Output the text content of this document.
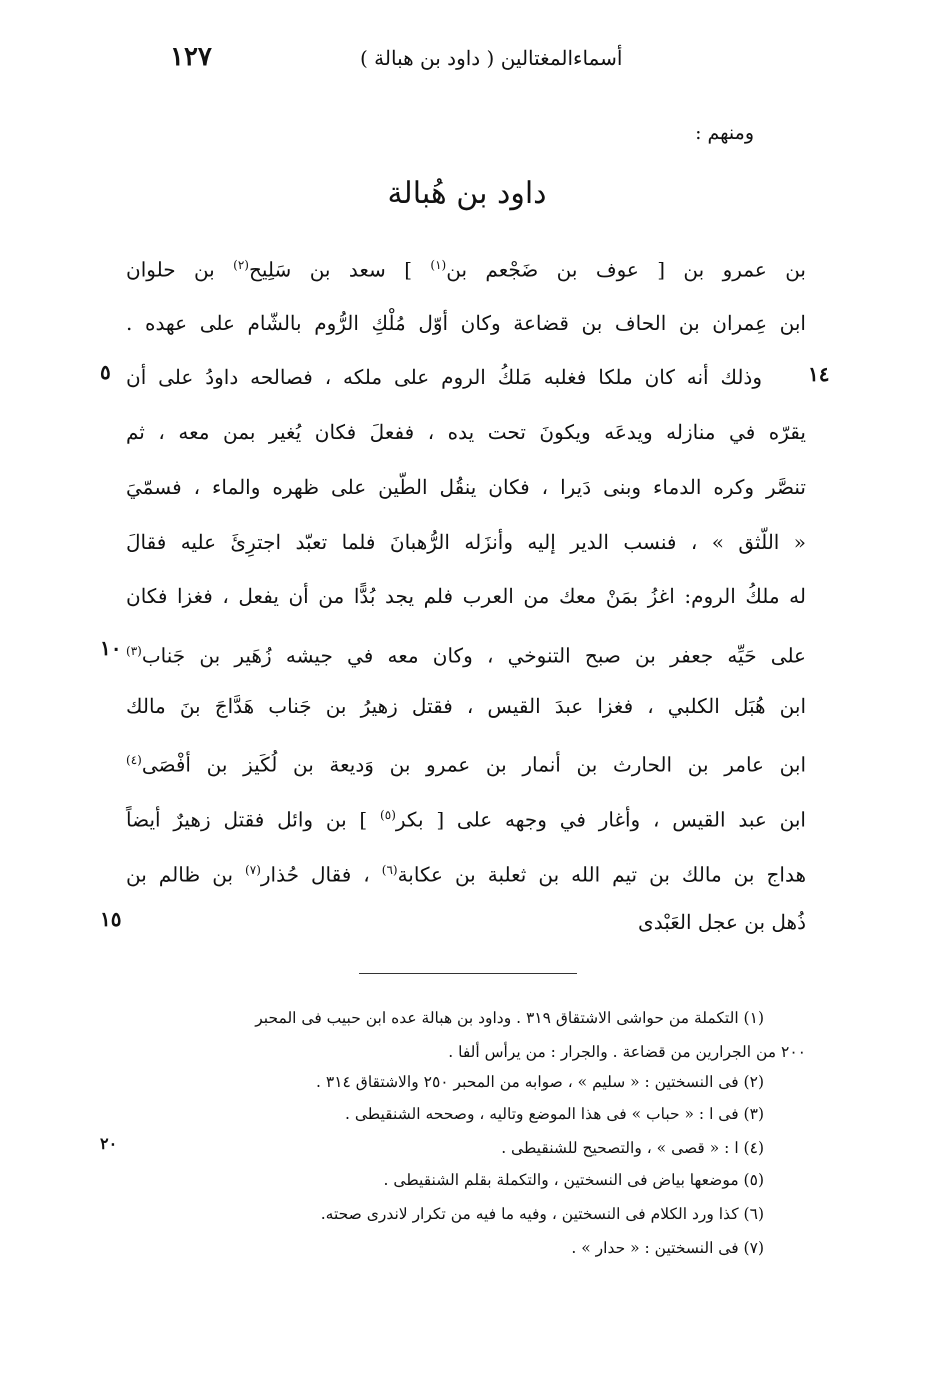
١٢٧	أسماءالمغتالين ( داود بن هبالة )
ومنهم :
داود بن هُبالة
بن عمرو بن [ عوف بن ضَجْعم بن$^{(١)}$ ] سعد بن سَلِيح$^{(٢)}$ بن حلوان
ابن عِمران بن الحاف بن قضاعة وكان أوّل مُلْكِ الرُّوم بالشّام على عهده .
وذلك أنه كان ملكا فغلبه مَلكُ الروم على ملكه ، فصالحه داودُ على أن
يقرّه في منازله ويدعَه ويكونَ تحت يده ، ففعلَ فكان يُغير بمن معه ، ثم
تنصَّر وكره الدماء وبنى دَيرا ، فكان ينقُل الطّين على ظهره والماء ، فسمّيَ
« اللّثق » ، فنسب الدير إليه وأنزَله الرُّهبانَ فلما تعبّد اجترِئَ عليه فقالَ
له ملكُ الروم: اغزُ بمَنْ معك من العرب فلم يجد بُدًّا من أن يفعل ، فغزا فكان
على حَيِّه جعفر بن صبح التنوخي ، وكان معه في جيشه زُهَير بن جَناب$^{(٣)}$
ابن هُبَل الكلبي ، فغزا عبدَ القيس ، فقتل زهيرُ بن جَناب هَدَّاجَ بنَ مالك
ابن عامر بن الحارث بن أنمار بن عمرو بن وَديعة بن لُكَيز بن أفْصَى$^{(٤)}$
ابن عبد القيس ، وأغار في وجهه على [ بكر$^{(٥)}$ ] بن وائل فقتل زهيرٌ أيضاً
هداج بن مالك بن تيم الله بن ثعلبة بن عكابة$^{(٦)}$ ، فقال حُذار$^{(٧)}$ بن ظالم بن
ذُهل بن عجل العَبْدى
١٤
٥
١٠
١٥
٢٠
(١) التكملة من حواشى الاشتقاق ٣١٩ . وداود بن هبالة عده ابن حبيب فى المحبر
٢٠٠ من الجرارين من قضاعة . والجرار : من يرأس ألفا .
(٢) فى النسختين : « سليم » ، صوابه من المحبر ٢٥٠ والاشتقاق ٣١٤ .
(٣) فى ا : « حباب » فى هذا الموضع وتاليه ، وصححه الشنقيطى .
(٤) ا : « قصى » ، والتصحيح للشنقيطى .
(٥) موضعها بياض فى النسختين ، والتكملة بقلم الشنقيطى .
(٦) كذا ورد الكلام فى النسختين ، وفيه ما فيه من تكرار لاندرى صحته.
(٧) فى النسختين : « حدار » .
